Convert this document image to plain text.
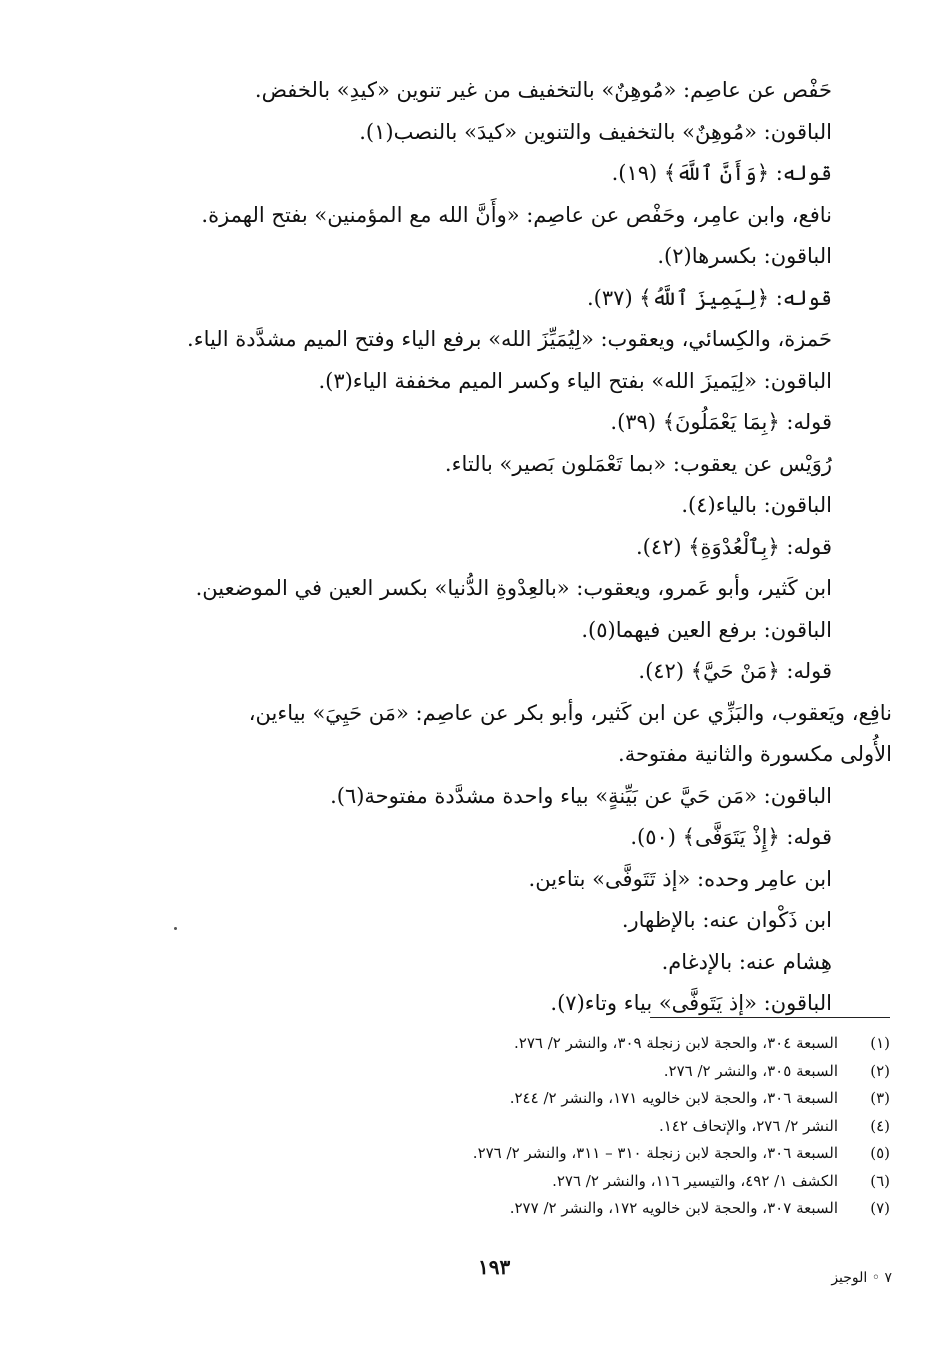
حَفْص عن عاصِم: «مُوهِنٌ» بالتخفيف من غير تنوين «كيدِ» بالخفض.
الباقون: «مُوهِنٌ» بالتخفيف والتنوين «كيدَ» بالنصب(١).
قوله: ﴿وَأَنَّ ٱللَّهَ﴾ (١٩).
نافع، وابن عامِر، وحَفْص عن عاصِم: «وأَنَّ الله مع المؤمنين» بفتح الهمزة.
الباقون: بكسرها(٢).
قوله: ﴿لِيَمِيزَ ٱللَّهُ﴾ (٣٧).
حَمزة، والكِسائي، ويعقوب: «لِيُمَيِّزَ الله» برفع الياء وفتح الميم مشدَّدة الياء.
الباقون: «لِيَميزَ الله» بفتح الياء وكسر الميم مخففة الياء(٣).
قوله: ﴿بِمَا يَعْمَلُونَ﴾ (٣٩).
رُوَيْس عن يعقوب: «بما تَعْمَلون بَصير» بالتاء.
الباقون: بالياء(٤).
قوله: ﴿بِٱلْعُدْوَةِ﴾ (٤٢).
ابن كَثير، وأبو عَمرو، ويعقوب: «بالعِدْوةِ الدُّنيا» بكسر العين في الموضعين.
الباقون: برفع العين فيهما(٥).
قوله: ﴿مَنْ حَيَّ﴾ (٤٢).
نافِع، ويَعقوب، والبَزِّي عن ابن كَثير، وأبو بكر عن عاصِم: «مَن حَيِيَ» بياءين،
الأُولى مكسورة والثانية مفتوحة.
الباقون: «مَن حَيَّ عن بَيِّنةٍ» بياء واحدة مشدَّدة مفتوحة(٦).
قوله: ﴿إِذْ يَتَوَفَّى﴾ (٥٠).
ابن عامِر وحده: «إذ تَتَوفَّى» بتاءين.
ابن ذَكْوان عنه: بالإظهار.
هِشام عنه: بالإدغام.
الباقون: «إذ يَتَوفَّى» بياء وتاء(٧).
(١)
السبعة ٣٠٤، والحجة لابن زنجلة ٣٠٩، والنشر ٢/ ٢٧٦.
(٢)
السبعة ٣٠٥، والنشر ٢/ ٢٧٦.
(٣)
السبعة ٣٠٦، والحجة لابن خالويه ١٧١، والنشر ٢/ ٢٤٤.
(٤)
النشر ٢/ ٢٧٦، والإتحاف ١٤٢.
(٥)
السبعة ٣٠٦، والحجة لابن زنجلة ٣١٠ – ٣١١، والنشر ٢/ ٢٧٦.
(٦)
الكشف ١/ ٤٩٢، والتيسير ١١٦، والنشر ٢/ ٢٧٦.
(٧)
السبعة ٣٠٧، والحجة لابن خالويه ١٧٢، والنشر ٢/ ٢٧٧.
١٩٣	٧ ◦ الوجيز
